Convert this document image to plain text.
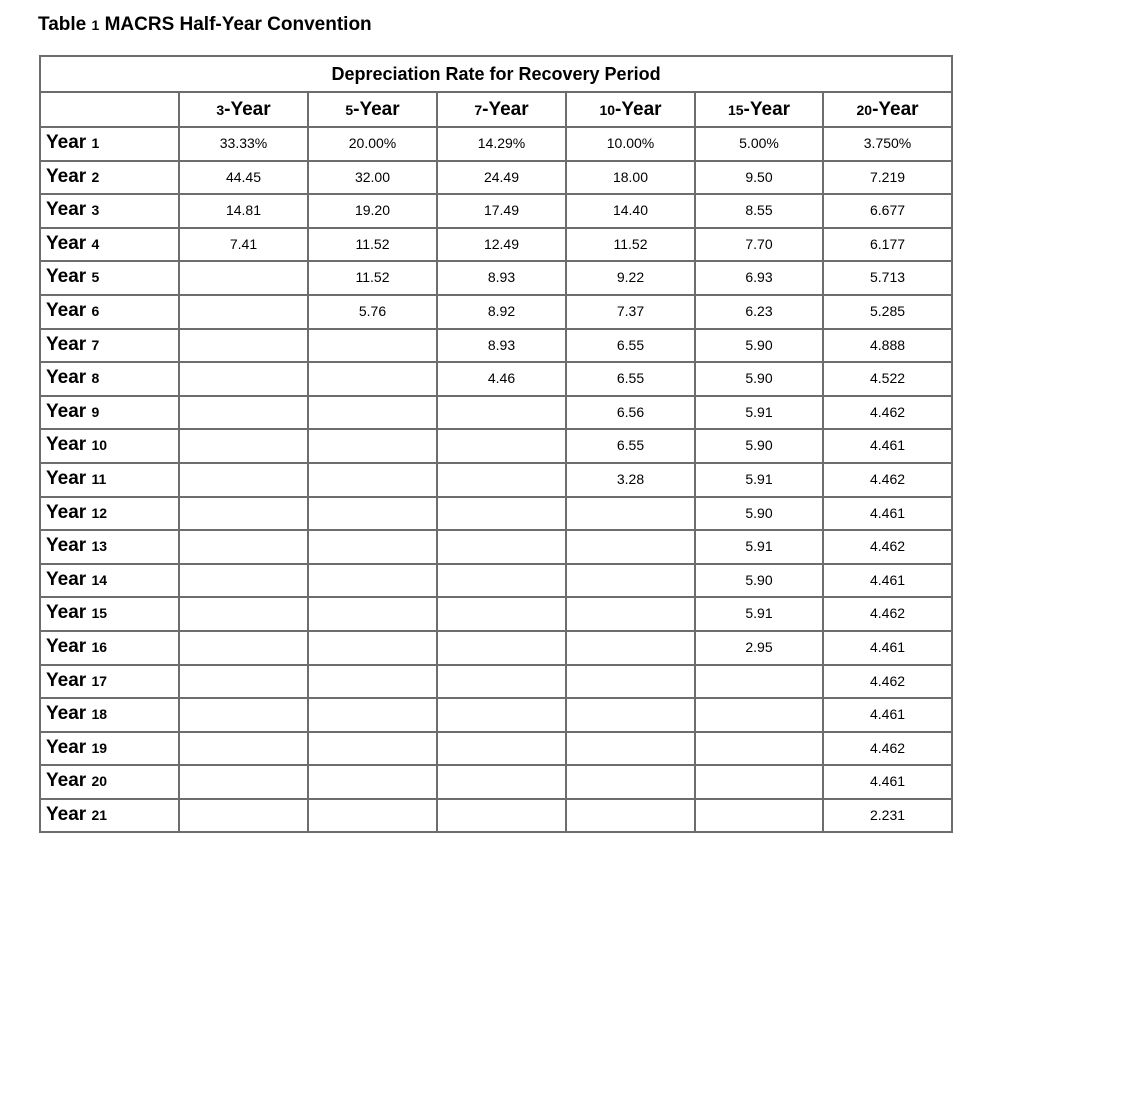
Table 1 MACRS Half-Year Convention
Depreciation Rate for Recovery Period						
	3-Year	5-Year	7-Year	10-Year	15-Year	20-Year
Year 1	33.33%	20.00%	14.29%	10.00%	5.00%	3.750%
Year 2	44.45	32.00	24.49	18.00	9.50	7.219
Year 3	14.81	19.20	17.49	14.40	8.55	6.677
Year 4	7.41	11.52	12.49	11.52	7.70	6.177
Year 5		11.52	8.93	9.22	6.93	5.713
Year 6		5.76	8.92	7.37	6.23	5.285
Year 7			8.93	6.55	5.90	4.888
Year 8			4.46	6.55	5.90	4.522
Year 9				6.56	5.91	4.462
Year 10				6.55	5.90	4.461
Year 11				3.28	5.91	4.462
Year 12					5.90	4.461
Year 13					5.91	4.462
Year 14					5.90	4.461
Year 15					5.91	4.462
Year 16					2.95	4.461
Year 17						4.462
Year 18						4.461
Year 19						4.462
Year 20						4.461
Year 21						2.231
